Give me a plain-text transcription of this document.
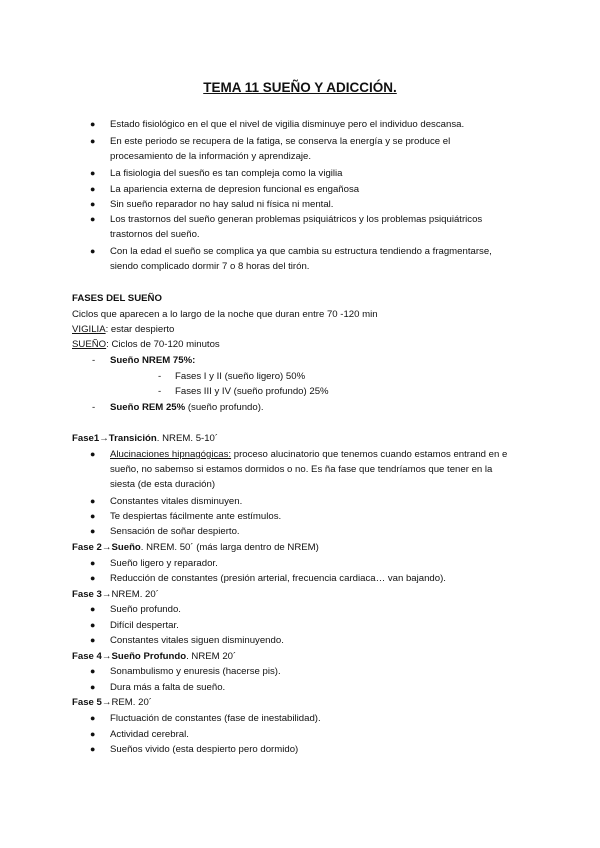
TEMA 11 SUEÑO Y ADICCIÓN.
● Estado fisiológico en el que el nivel de vigilia disminuye pero el individuo descansa.
● En este periodo se recupera de la fatiga, se conserva la energía y se produce el
procesamiento de la información y aprendizaje.
● La fisiologia del suesño es tan compleja como la vigilia
● La apariencia externa de depresion funcional es engañosa
● Sin sueño reparador no hay salud ni física ni mental.
● Los trastornos del sueño generan problemas psiquiátricos y los problemas psiquiátricos
trastornos del sueño.
● Con la edad el sueño se complica ya que cambia su estructura tendiendo a fragmentarse,
siendo complicado dormir 7 o 8 horas del tirón.
FASES DEL SUEÑO
Ciclos que aparecen a lo largo de la noche que duran entre 70 -120 min
VIGILIA: estar despierto
SUEÑO: Ciclos de 70-120 minutos
- Sueño NREM 75%:
- Fases I y II (sueño ligero) 50%
- Fases III y IV (sueño profundo) 25%
- Sueño REM 25% (sueño profundo).
Fase1→Transición. NREM. 5-10´
● Alucinaciones hipnagógicas: proceso alucinatorio que tenemos cuando estamos entrand en e
sueño, no sabemso si estamos dormidos o no. Es ña fase que tendríamos que tener en la
siesta (de esta duración)
● Constantes vitales disminuyen.
● Te despiertas fácilmente ante estímulos.
● Sensación de soñar despierto.
Fase 2→Sueño. NREM. 50´ (más larga dentro de NREM)
● Sueño ligero y reparador.
● Reducción de constantes (presión arterial, frecuencia cardiaca… van bajando).
Fase 3→NREM. 20´
● Sueño profundo.
● Difícil despertar.
● Constantes vitales siguen disminuyendo.
Fase 4→Sueño Profundo. NREM 20´
● Sonambulismo y enuresis (hacerse pis).
● Dura más a falta de sueño.
Fase 5→REM. 20´
● Fluctuación de constantes (fase de inestabilidad).
● Actividad cerebral.
● Sueños vivido (esta despierto pero dormido)
